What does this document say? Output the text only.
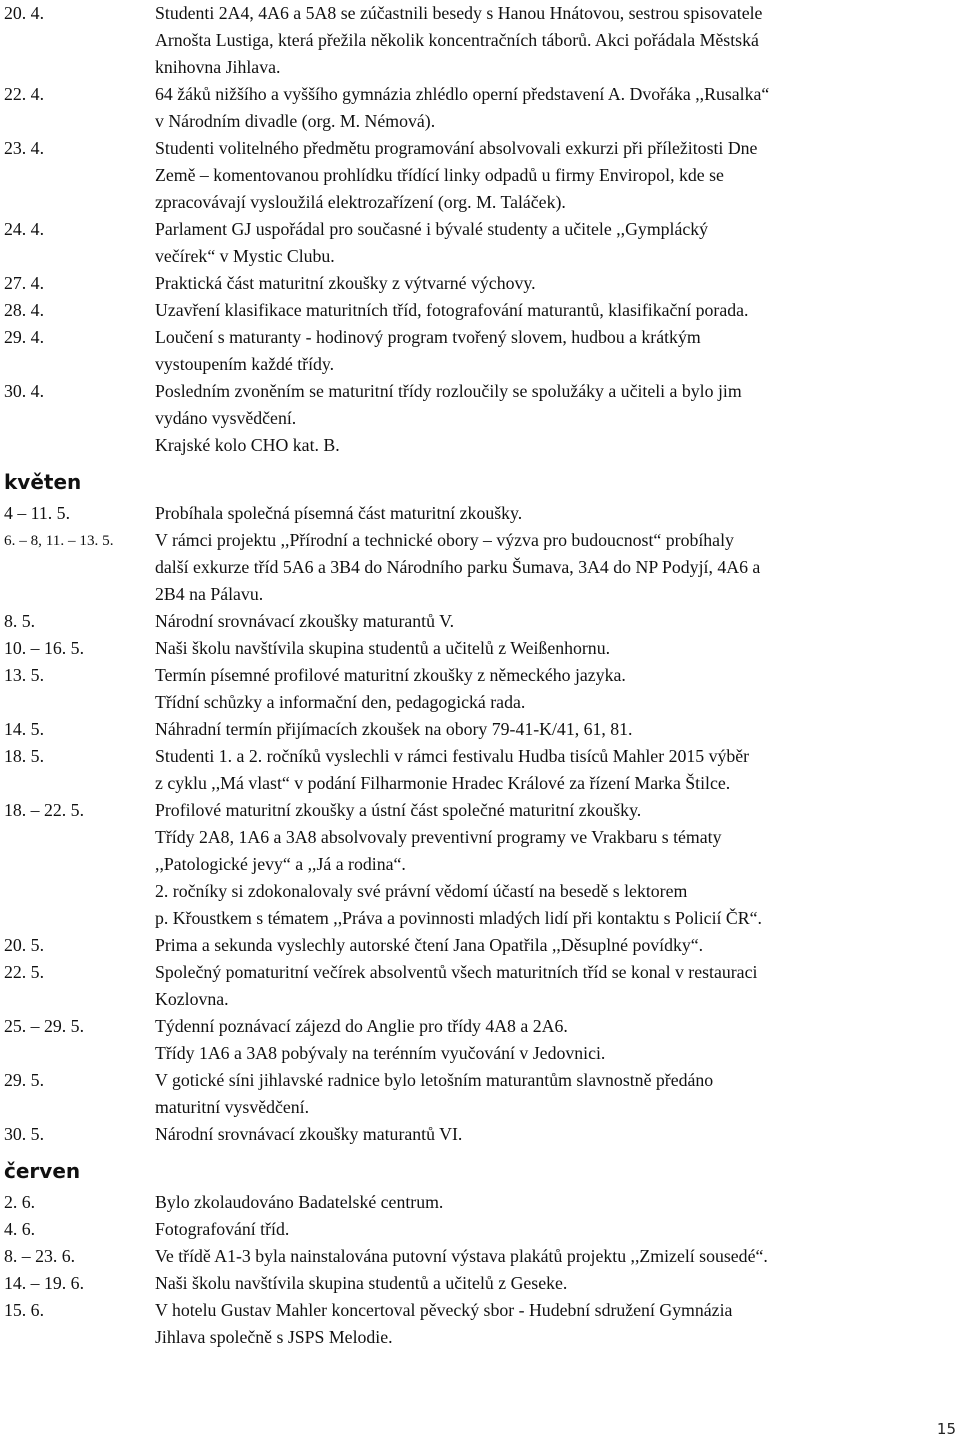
20. 4.	Studenti 2A4, 4A6 a 5A8 se zúčastnili besedy s Hanou Hnátovou, sestrou spisovatele
Arnošta Lustiga, která přežila několik koncentračních táborů. Akci pořádala Městská
knihovna Jihlava.
22. 4.	64 žáků nižšího a vyššího gymnázia zhlédlo operní představení A. Dvořáka ,,Rusalka“
v Národním divadle (org. M. Némová).
23. 4.	Studenti volitelného předmětu programování absolvovali exkurzi při příležitosti Dne
Země – komentovanou prohlídku třídící linky odpadů u firmy Enviropol, kde se
zpracovávají vysloužilá elektrozařízení (org. M. Taláček).
24. 4.	Parlament GJ uspořádal pro současné i bývalé studenty a učitele ,,Gymplácký
večírek“ v Mystic Clubu.
27. 4.	Praktická část maturitní zkoušky z výtvarné výchovy.
28. 4.	Uzavření klasifikace maturitních tříd, fotografování maturantů, klasifikační porada.
29. 4.	Loučení s maturanty - hodinový program tvořený slovem, hudbou a krátkým
vystoupením každé třídy.
30. 4.	Posledním zvoněním se maturitní třídy rozloučily se spolužáky a učiteli a bylo jim
vydáno vysvědčení.
Krajské kolo CHO kat. B.
květen
4 – 11. 5.	Probíhala společná písemná část maturitní zkoušky.
6. – 8, 11. – 13. 5.	V rámci projektu ,,Přírodní a technické obory – výzva pro budoucnost“ probíhaly
další exkurze tříd 5A6 a 3B4 do Národního parku Šumava, 3A4 do NP Podyjí, 4A6 a
2B4 na Pálavu.
8. 5.	Národní srovnávací zkoušky maturantů V.
10. – 16. 5.	Naši školu navštívila skupina studentů a učitelů z Weißenhornu.
13. 5.	Termín písemné profilové maturitní zkoušky z německého jazyka.
Třídní schůzky a informační den, pedagogická rada.
14. 5.	Náhradní termín přijímacích zkoušek na obory 79-41-K/41, 61, 81.
18. 5.	Studenti 1. a 2. ročníků vyslechli v rámci festivalu Hudba tisíců Mahler 2015 výběr
z cyklu ,,Má vlast“ v podání Filharmonie Hradec Králové za řízení Marka Štilce.
18. – 22. 5.	Profilové maturitní zkoušky a ústní část společné maturitní zkoušky.
Třídy 2A8, 1A6 a 3A8 absolvovaly preventivní programy ve Vrakbaru s tématy
,,Patologické jevy“ a ,,Já a rodina“.
2. ročníky si zdokonalovaly své právní vědomí účastí na besedě s lektorem
p. Křoustkem s tématem ,,Práva a povinnosti mladých lidí při kontaktu s Policií ČR“.
20. 5.	Prima a sekunda vyslechly autorské čtení Jana Opatřila ,,Děsuplné povídky“.
22. 5.	Společný pomaturitní večírek absolventů všech maturitních tříd se konal v restauraci
Kozlovna.
25. – 29. 5.	Týdenní poznávací zájezd do Anglie pro třídy 4A8 a 2A6.
Třídy 1A6 a 3A8 pobývaly na terénním vyučování v Jedovnici.
29. 5.	V gotické síni jihlavské radnice bylo letošním maturantům slavnostně předáno
maturitní vysvědčení.
30. 5.	Národní srovnávací zkoušky maturantů VI.
červen
2. 6.	Bylo zkolaudováno Badatelské centrum.
4. 6.	Fotografování tříd.
8. – 23. 6.	Ve třídě A1-3 byla nainstalována putovní výstava plakátů projektu ,,Zmizelí sousedé“.
14. – 19. 6.	Naši školu navštívila skupina studentů a učitelů z Geseke.
15. 6.	V hotelu Gustav Mahler koncertoval pěvecký sbor - Hudební sdružení Gymnázia
Jihlava společně s JSPS Melodie.
15
